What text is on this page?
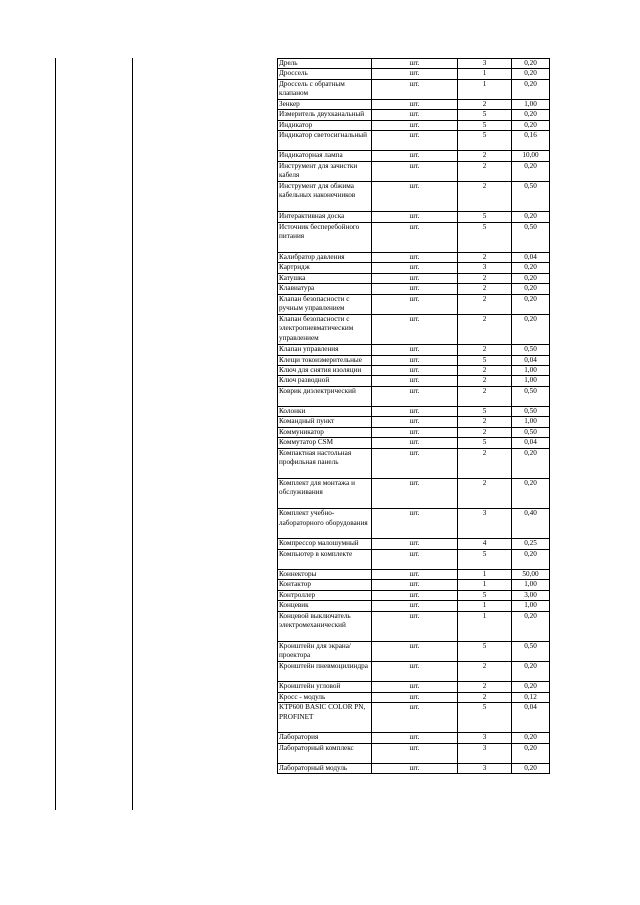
Дрель	шт.	3	0,20
Дроссель	шт.	1	0,20
Дроссель с обратным клапаном	шт.	1	0,20
Зенкер	шт.	2	1,00
Измеритель двухканальный	шт.	5	0,20
Индикатор	шт.	5	0,20
Индикатор светосигнальный	шт.	5	0,16
Индикаторная лампа	шт.	2	10,00
Инструмент для зачистки кабеля	шт.	2	0,20
Инструмент для обжима кабельных наконечников	шт.	2	0,50
Интерактивная доска	шт.	5	0,20
Источник бесперебойного питания	шт.	5	0,50
Калибратор давления	шт.	2	0,04
Картридж	шт.	3	0,20
Катушка	шт.	2	0,20
Клавиатура	шт.	2	0,20
Клапан безопасности с ручным управлением	шт.	2	0,20
Клапан безопасности с электропневматическим управлением	шт.	2	0,20
Клапан управления	шт.	2	0,50
Клещи токоизмерительные	шт.	5	0,04
Ключ для снятия изоляции	шт.	2	1,00
Ключ разводной	шт.	2	1,00
Коврик диэлектрический	шт.	2	0,50
Колонки	шт.	5	0,50
Командный пункт	шт.	2	1,00
Коммуникатор	шт.	2	0,50
Коммутатор CSM	шт.	5	0,04
Компактная настольная профильная панель	шт.	2	0,20
Комплект для монтажа и обслуживания	шт.	2	0,20
Комплект учебно-лабораторного оборудования	шт.	3	0,40
Компрессор малошумный	шт.	4	0,25
Компьютер в комплекте	шт.	5	0,20
Коннекторы	шт.	1	50,00
Контактор	шт.	1	1,00
Контроллер	шт.	5	3,00
Концевик	шт.	1	1,00
Концевой выключатель электромеханический	шт.	1	0,20
Кронштейн для экрана/ проектора	шт.	5	0,50
Кронштейн пневмоцилиндра	шт.	2	0,20
Кронштейн угловой	шт.	2	0,20
Кросс - модуль	шт.	2	0,12
KTP600 BASIC COLOR PN, PROFINET	шт.	5	0,04
Лаборатория	шт.	3	0,20
Лабораторный комплекс	шт.	3	0,20
Лабораторный модуль	шт.	3	0,20
